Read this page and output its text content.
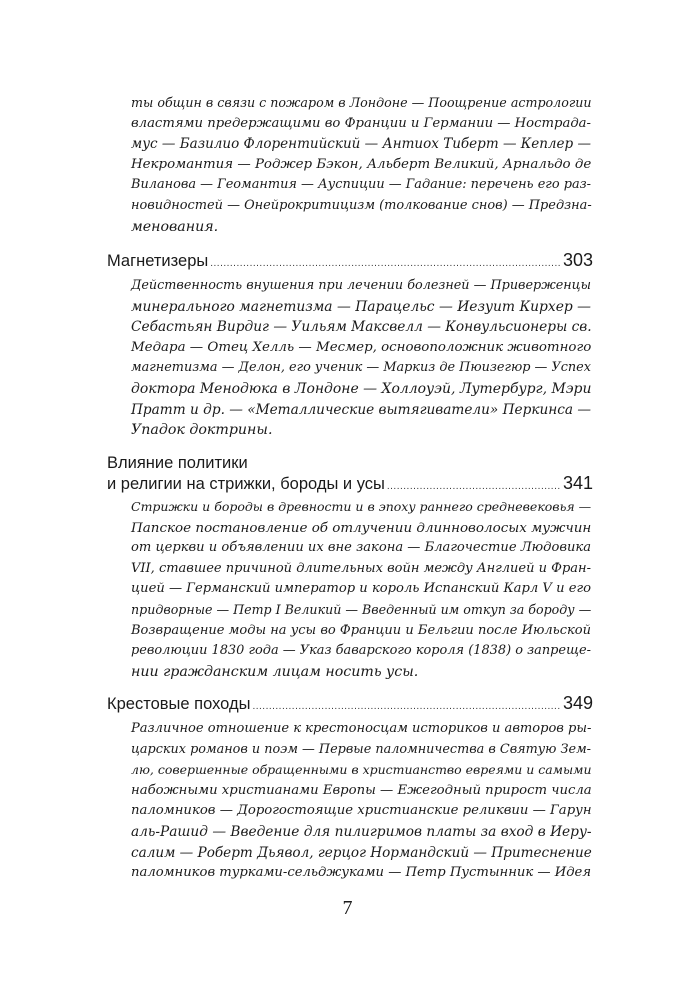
ты общин в связи с пожаром в Лондоне — Поощрение астрологии
властями предержащими во Франции и Германии — Нострада-
мус — Базилио Флорентийский — Антиох Тиберт — Кеплер —
Некромантия — Роджер Бэкон, Альберт Великий, Арнальдо де
Виланова — Геомантия — Ауспиции — Гадание: перечень его раз-
новидностей — Онейрокритицизм (толкование снов) — Предзна-
менования.
Магнетизеры .....	303
Действенность внушения при лечении болезней — Приверженцы
минерального магнетизма — Парацельс — Иезуит Кирхер —
Себастьян Вирдиг — Уильям Максвелл — Конвульсионеры св.
Медара — Отец Хелль — Месмер, основоположник животного
магнетизма — Делон, его ученик — Маркиз де Пюизегюр — Успех
доктора Менодюка в Лондоне — Холлоуэй, Лутербург, Мэри
Пратт и др. — «Металлические вытягиватели» Перкинса —
Упадок доктрины.
Влияние политики
и религии на стрижки, бороды и усы .....	341
Стрижки и бороды в древности и в эпоху раннего средневековья —
Папское постановление об отлучении длинноволосых мужчин
от церкви и объявлении их вне закона — Благочестие Людовика
VII, ставшее причиной длительных войн между Англией и Фран-
цией — Германский император и король Испанский Карл V и его
придворные — Петр I Великий — Введенный им откуп за бороду —
Возвращение моды на усы во Франции и Бельгии после Июльской
революции 1830 года — Указ баварского короля (1838) о запреще-
нии гражданским лицам носить усы.
Крестовые походы .....	349
Различное отношение к крестоносцам историков и авторов ры-
царских романов и поэм — Первые паломничества в Святую Зем-
лю, совершенные обращенными в христианство евреями и самыми
набожными христианами Европы — Ежегодный прирост числа
паломников — Дорогостоящие христианские реликвии — Гарун
аль-Рашид — Введение для пилигримов платы за вход в Иеру-
салим — Роберт Дьявол, герцог Нормандский — Притеснение
паломников турками-сельджуками — Петр Пустынник — Идея
7
